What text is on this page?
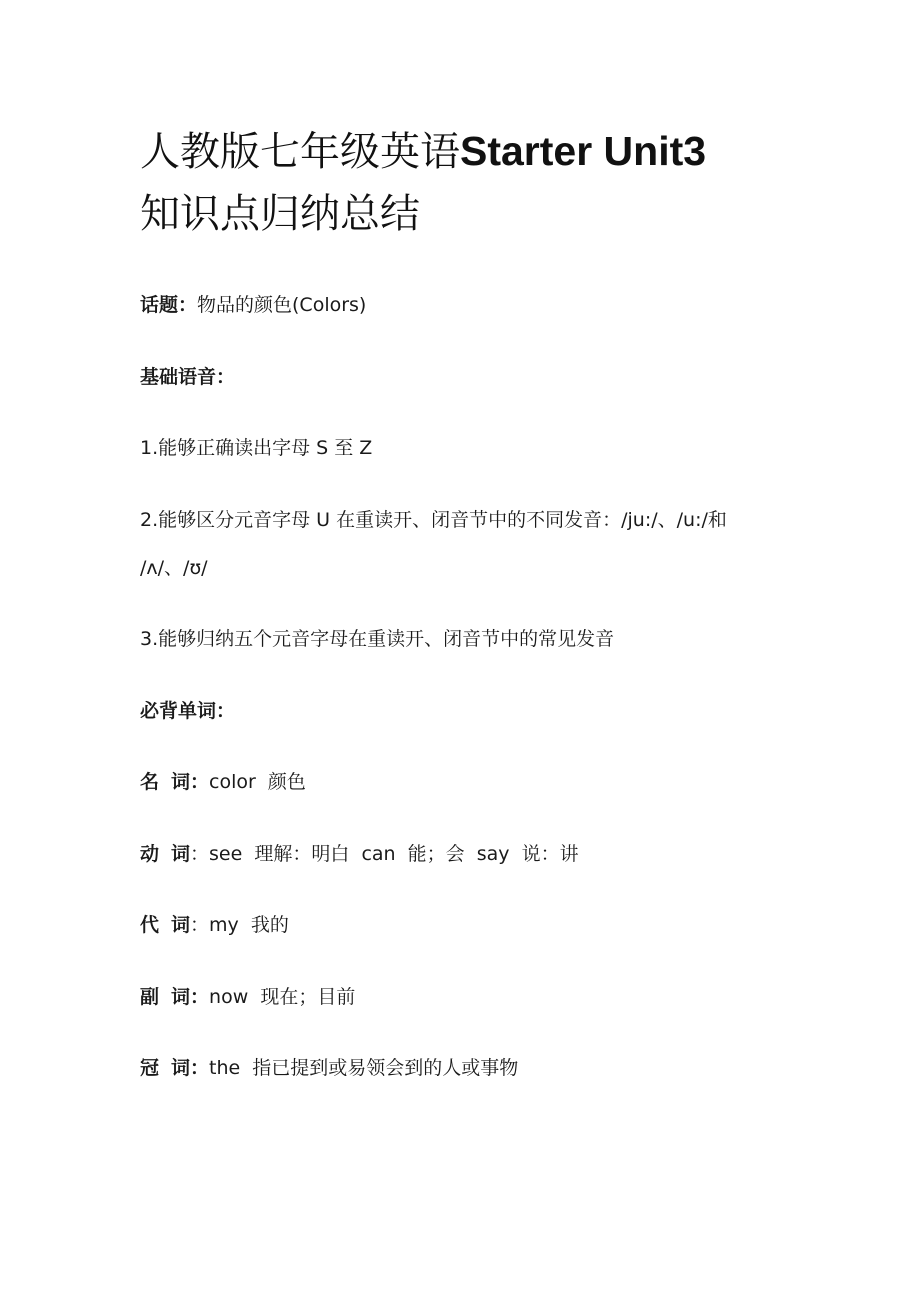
人教版七年级英语Starter Unit3
知识点归纳总结

话题：物品的颜色(Colors)

基础语音：

1.能够正确读出字母 S 至 Z

2.能够区分元音字母 U 在重读开、闭音节中的不同发音：/ju:/、/u:/和

/ʌ/、/ʊ/

3.能够归纳五个元音字母在重读开、闭音节中的常见发音

必背单词：

名 词：color  颜色

动 词：see  理解：明白  can  能；会  say  说：讲

代 词：my  我的

副 词：now  现在；目前

冠 词：the  指已提到或易领会到的人或事物
